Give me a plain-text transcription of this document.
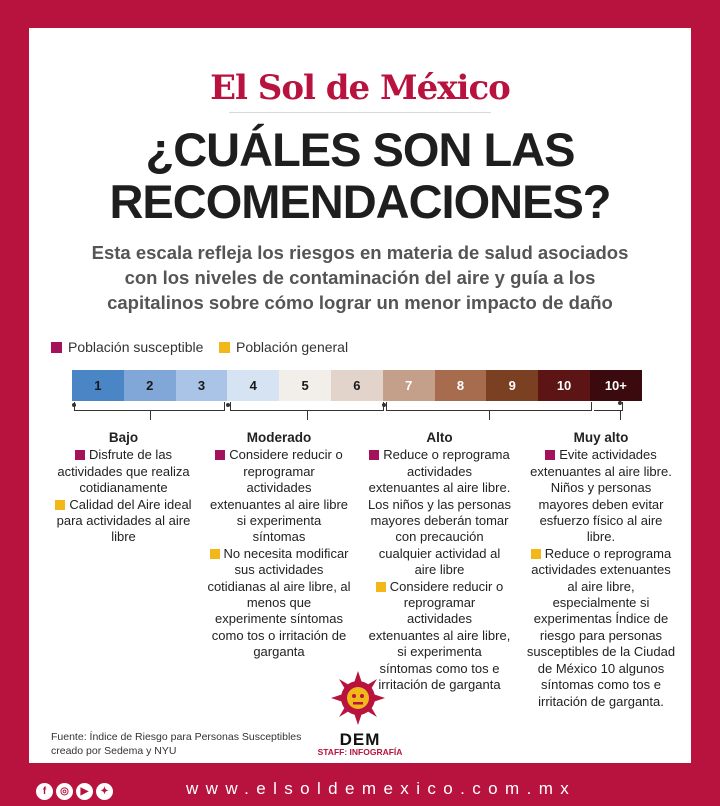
El Sol de México
¿CUÁLES SON LAS
RECOMENDACIONES?
Esta escala refleja los riesgos en materia de salud asociados
con los niveles de contaminación del aire y guía a los
capitalinos sobre cómo lograr un menor impacto de daño
Población susceptible	Población general
1	2	3	4	5	6	7	8	9	10	10+
Bajo
Disfrute de las
actividades que realiza
cotidianamente
Calidad del Aire ideal
para actividades al aire
libre
Moderado
Considere reducir o
reprogramar
actividades
extenuantes al aire libre
si experimenta
síntomas
No necesita modificar
sus actividades
cotidianas al aire libre, al
menos que
experimente síntomas
como tos o irritación de
garganta
Alto
Reduce o reprograma
actividades
extenuantes al aire libre.
Los niños y las personas
mayores deberán tomar
con precaución
cualquier actividad al
aire libre
Considere reducir o
reprogramar
actividades
extenuantes al aire libre,
si experimenta
síntomas como tos e
irritación de garganta
Muy alto
Evite actividades
extenuantes al aire libre.
Niños y personas
mayores deben evitar
esfuerzo físico al aire
libre.
Reduce o reprograma
actividades extenuantes
al aire libre,
especialmente si
experimentas Índice de
riesgo para personas
susceptibles de la Ciudad
de México 10 algunos
síntomas como tos e
irritación de garganta.
Fuente: Índice de Riesgo para Personas Susceptibles
creado por Sedema y NYU
DEM
STAFF: INFOGRAFÍA
f	◎	▶	✦	www.elsoldemexico.com.mx
